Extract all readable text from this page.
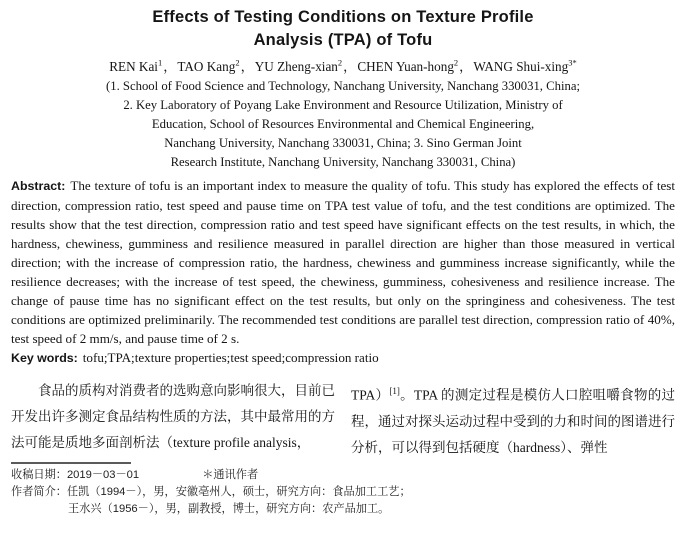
Effects of Testing Conditions on Texture Profile
Analysis (TPA) of Tofu
REN Kai$^1$，TAO Kang$^2$，YU Zheng-xian$^2$，CHEN Yuan-hong$^2$，WANG Shui-xing$^{3*}$
(1. School of Food Science and Technology, Nanchang University, Nanchang 330031, China;
2. Key Laboratory of Poyang Lake Environment and Resource Utilization, Ministry of
Education, School of Resources Environmental and Chemical Engineering,
Nanchang University, Nanchang 330031, China; 3. Sino German Joint
Research Institute, Nanchang University, Nanchang 330031, China)

Abstract: The texture of tofu is an important index to measure the quality of tofu. This study has explored the effects of test direction, compression ratio, test speed and pause time on TPA test value of tofu, and the test conditions are optimized. The results show that the test direction, compression ratio and test speed have significant effects on the test results, in which, the hardness, chewiness, gumminess and resilience measured in parallel direction are higher than those measured in vertical direction; with the increase of compression ratio, the hardness, chewiness and gumminess increase significantly, while the resilience decreases; with the increase of test speed, the chewiness, gumminess, cohesiveness and resilience increase. The change of pause time has no significant effect on the test results, but only on the springiness and cohesiveness. The test conditions are optimized preliminarily. The recommended test conditions are parallel test direction, compression ratio of 40%, test speed of 2 mm/s, and pause time of 2 s.

Key words: tofu;TPA;texture properties;test speed;compression ratio

食品的质构对消费者的选购意向影响很大，目前已开发出许多测定食品结构性质的方法，其中最常用的方法可能是质地多面剖析法（texture profile analysis，

TPA）[1]。TPA 的测定过程是模仿人口腔咀嚼食物的过程，通过对探头运动过程中受到的力和时间的图谱进行分析，可以得到包括硬度（hardness）、弹性

收稿日期：2019－03－01	＊通讯作者
作者简介：任凯（1994－），男，安徽亳州人，硕士，研究方向：食品加工工艺；
王水兴（1956－），男，副教授，博士，研究方向：农产品加工。
